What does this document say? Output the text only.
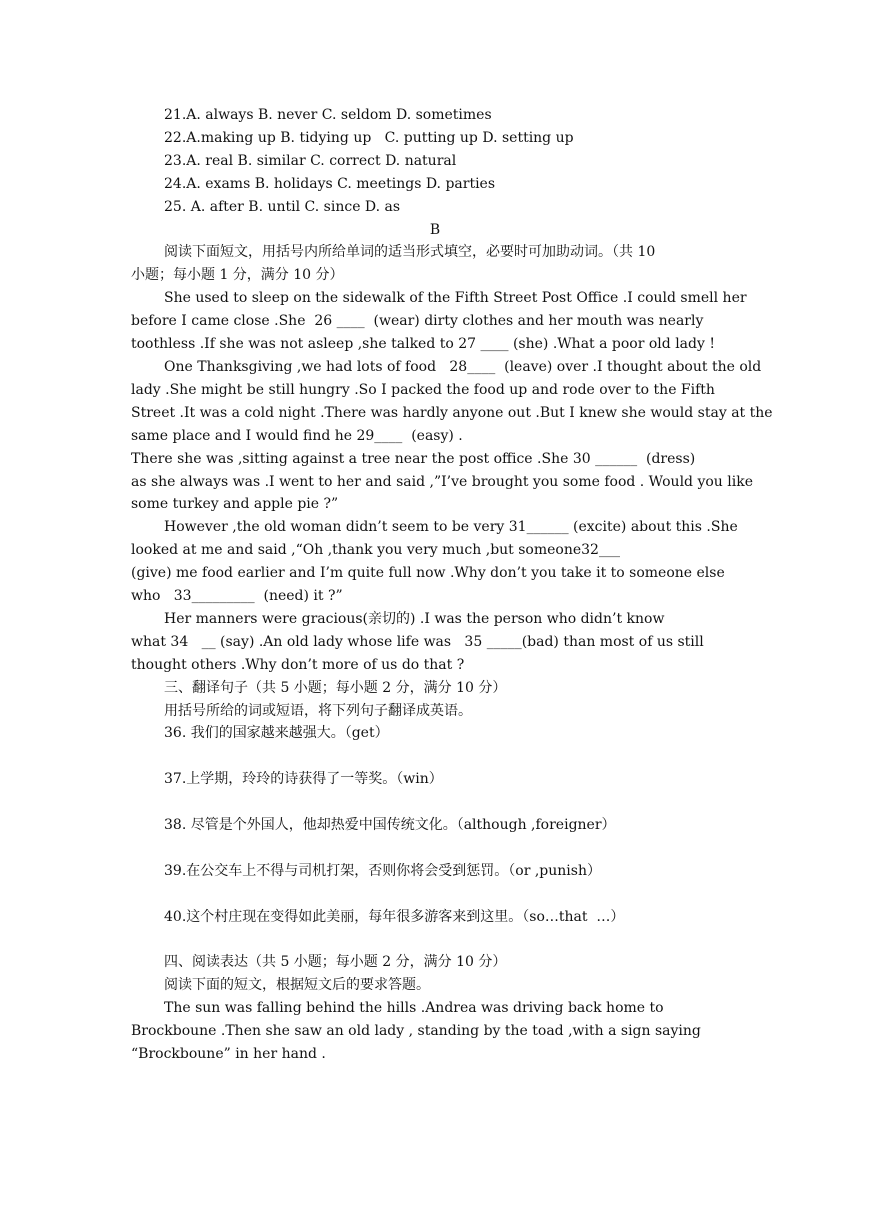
21.A. always B. never C. seldom D. sometimes
22.A.making up B. tidying up   C. putting up D. setting up
23.A. real B. similar C. correct D. natural
24.A. exams B. holidays C. meetings D. parties
25. A. after B. until C. since D. as
B
阅读下面短文，用括号内所给单词的适当形式填空，必要时可加助动词。（共 10
小题；每小题 1 分，满分 10 分）
She used to sleep on the sidewalk of the Fifth Street Post Office .I could smell her
before I came close .She  26 ____  (wear) dirty clothes and her mouth was nearly
toothless .If she was not asleep ,she talked to 27 ____ (she) .What a poor old lady !
One Thanksgiving ,we had lots of food   28____  (leave) over .I thought about the old
lady .She might be still hungry .So I packed the food up and rode over to the Fifth
Street .It was a cold night .There was hardly anyone out .But I knew she would stay at the
same place and I would find he 29____  (easy) .
There she was ,sitting against a tree near the post office .She 30 ______  (dress)
as she always was .I went to her and said ,”I’ve brought you some food . Would you like
some turkey and apple pie ?”
However ,the old woman didn’t seem to be very 31______ (excite) about this .She
looked at me and said ,“Oh ,thank you very much ,but someone32___
(give) me food earlier and I’m quite full now .Why don’t you take it to someone else
who   33_________  (need) it ?”
Her manners were gracious(亲切的) .I was the person who didn’t know
what 34   __ (say) .An old lady whose life was   35 _____(bad) than most of us still
thought others .Why don’t more of us do that ?
三、翻译句子（共 5 小题；每小题 2 分，满分 10 分）
用括号所给的词或短语，将下列句子翻译成英语。
36. 我们的国家越来越强大。（get）
37.上学期，玲玲的诗获得了一等奖。（win）
38. 尽管是个外国人，他却热爱中国传统文化。（although ,foreigner）
39.在公交车上不得与司机打架，否则你将会受到惩罚。（or ,punish）
40.这个村庄现在变得如此美丽，每年很多游客来到这里。（so…that  …）
四、阅读表达（共 5 小题；每小题 2 分，满分 10 分）
阅读下面的短文，根据短文后的要求答题。
The sun was falling behind the hills .Andrea was driving back home to
Brockboune .Then she saw an old lady , standing by the toad ,with a sign saying
“Brockboune” in her hand .
